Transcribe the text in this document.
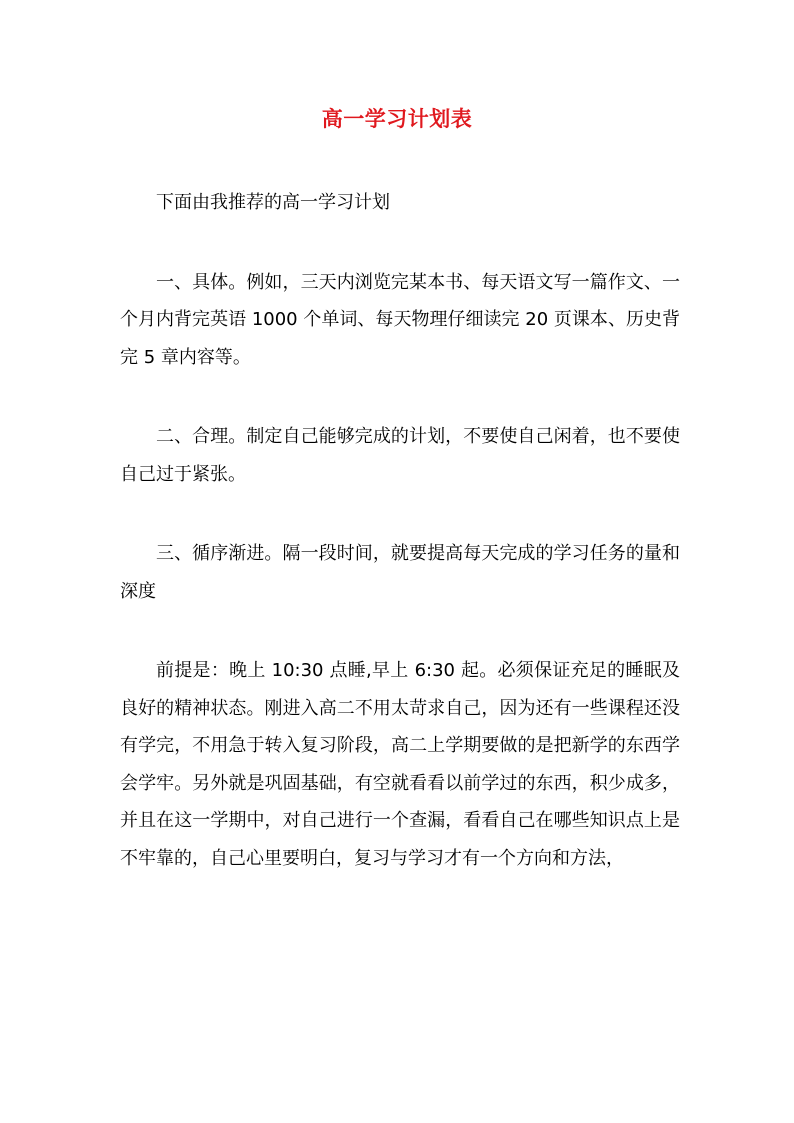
高一学习计划表

下面由我推荐的高一学习计划

一、具体。例如，三天内浏览完某本书、每天语文写一篇作文、一个月内背完英语 1000 个单词、每天物理仔细读完 20 页课本、历史背完 5 章内容等。

二、合理。制定自己能够完成的计划，不要使自己闲着，也不要使自己过于紧张。

三、循序渐进。隔一段时间，就要提高每天完成的学习任务的量和深度

前提是：晚上 10:30 点睡,早上 6:30 起。必须保证充足的睡眠及良好的精神状态。刚进入高二不用太苛求自己，因为还有一些课程还没有学完，不用急于转入复习阶段，高二上学期要做的是把新学的东西学会学牢。另外就是巩固基础，有空就看看以前学过的东西，积少成多，并且在这一学期中，对自己进行一个查漏，看看自己在哪些知识点上是不牢靠的，自己心里要明白，复习与学习才有一个方向和方法，
